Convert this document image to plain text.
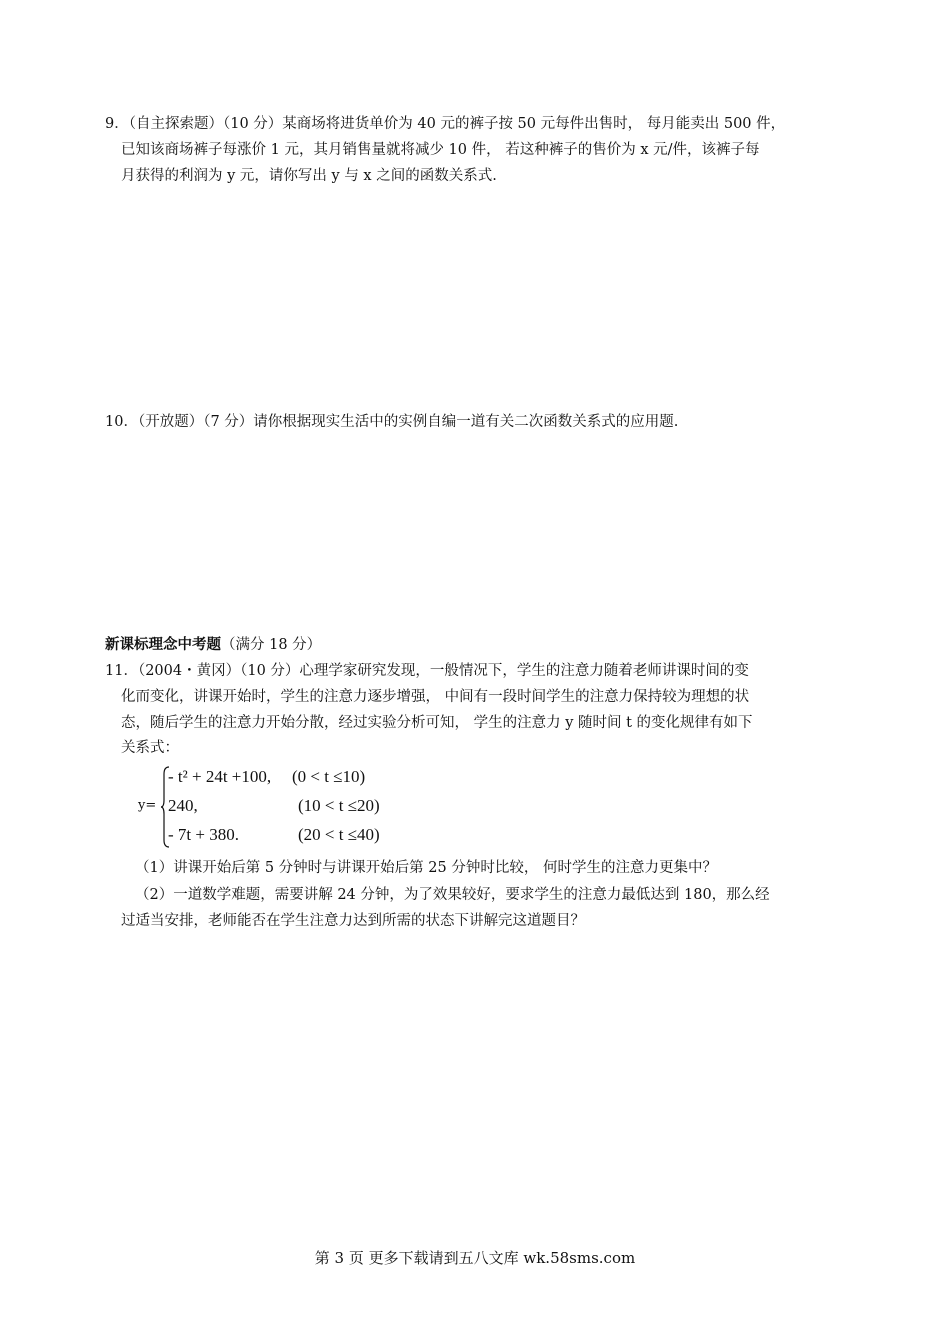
9．（自主探索题）（10 分）某商场将进货单价为 40 元的裤子按 50 元每件出售时， 每月能卖出 500 件，
已知该商场裤子每涨价 1 元，其月销售量就将减少 10 件， 若这种裤子的售价为 x 元/件，该裤子每
月获得的利润为 y 元，请你写出 y 与 x 之间的函数关系式.
10．（开放题）（7 分）请你根据现实生活中的实例自编一道有关二次函数关系式的应用题.
新课标理念中考题（满分 18 分）
11．（2004・黄冈）（10 分）心理学家研究发现，一般情况下，学生的注意力随着老师讲课时间的变
化而变化，讲课开始时，学生的注意力逐步增强， 中间有一段时间学生的注意力保持较为理想的状
态，随后学生的注意力开始分散，经过实验分析可知， 学生的注意力 y 随时间 t 的变化规律有如下
关系式：
y=
- t² + 24t +100, (0 < t ≤10)
240,	(10 < t ≤20)
- 7t + 380.	(20 < t ≤40)
（1）讲课开始后第 5 分钟时与讲课开始后第 25 分钟时比较， 何时学生的注意力更集中？
（2）一道数学难题，需要讲解 24 分钟，为了效果较好，要求学生的注意力最低达到 180，那么经
过适当安排，老师能否在学生注意力达到所需的状态下讲解完这道题目？
第 3 页 更多下载请到五八文库 wk.58sms.com
